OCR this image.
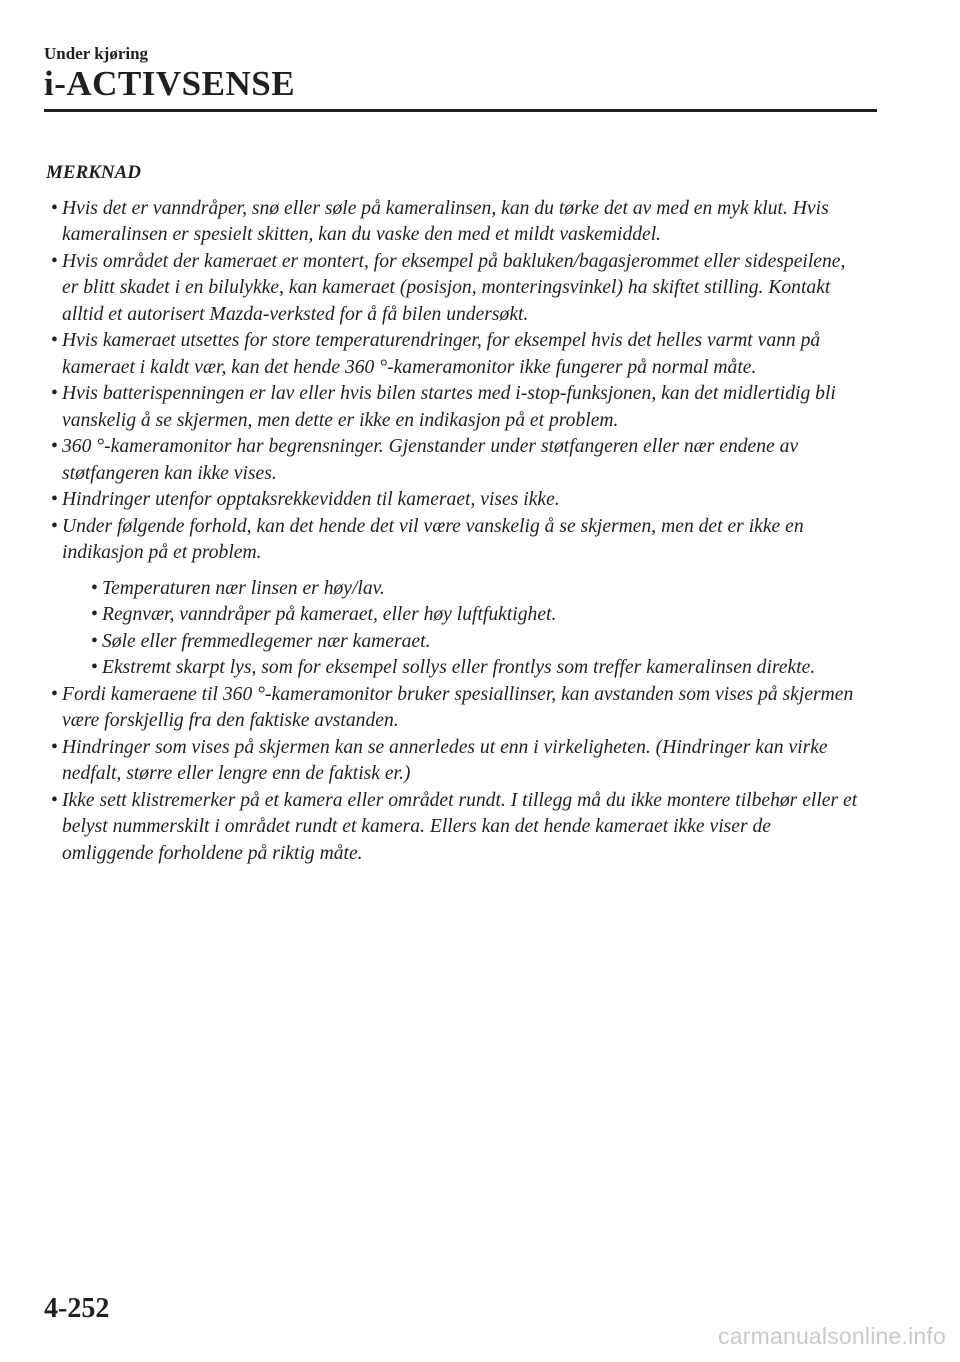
Under kjøring

i-ACTIVSENSE

MERKNAD

• Hvis det er vanndråper, snø eller søle på kameralinsen, kan du tørke det av med en myk klut. Hvis kameralinsen er spesielt skitten, kan du vaske den med et mildt vaskemiddel.
• Hvis området der kameraet er montert, for eksempel på bakluken/bagasjerommet eller sidespeilene, er blitt skadet i en bilulykke, kan kameraet (posisjon, monteringsvinkel) ha skiftet stilling. Kontakt alltid et autorisert Mazda-verksted for å få bilen undersøkt.
• Hvis kameraet utsettes for store temperaturendringer, for eksempel hvis det helles varmt vann på kameraet i kaldt vær, kan det hende 360 °-kameramonitor ikke fungerer på normal måte.
• Hvis batterispenningen er lav eller hvis bilen startes med i-stop-funksjonen, kan det midlertidig bli vanskelig å se skjermen, men dette er ikke en indikasjon på et problem.
• 360 °-kameramonitor har begrensninger. Gjenstander under støtfangeren eller nær endene av støtfangeren kan ikke vises.
• Hindringer utenfor opptaksrekkevidden til kameraet, vises ikke.
• Under følgende forhold, kan det hende det vil være vanskelig å se skjermen, men det er ikke en indikasjon på et problem.
• Temperaturen nær linsen er høy/lav.
• Regnvær, vanndråper på kameraet, eller høy luftfuktighet.
• Søle eller fremmedlegemer nær kameraet.
• Ekstremt skarpt lys, som for eksempel sollys eller frontlys som treffer kameralinsen direkte.
• Fordi kameraene til 360 °-kameramonitor bruker spesiallinser, kan avstanden som vises på skjermen være forskjellig fra den faktiske avstanden.
• Hindringer som vises på skjermen kan se annerledes ut enn i virkeligheten. (Hindringer kan virke nedfalt, større eller lengre enn de faktisk er.)
• Ikke sett klistremerker på et kamera eller området rundt. I tillegg må du ikke montere tilbehør eller et belyst nummerskilt i området rundt et kamera. Ellers kan det hende kameraet ikke viser de omliggende forholdene på riktig måte.

4-252

carmanualsonline.info
